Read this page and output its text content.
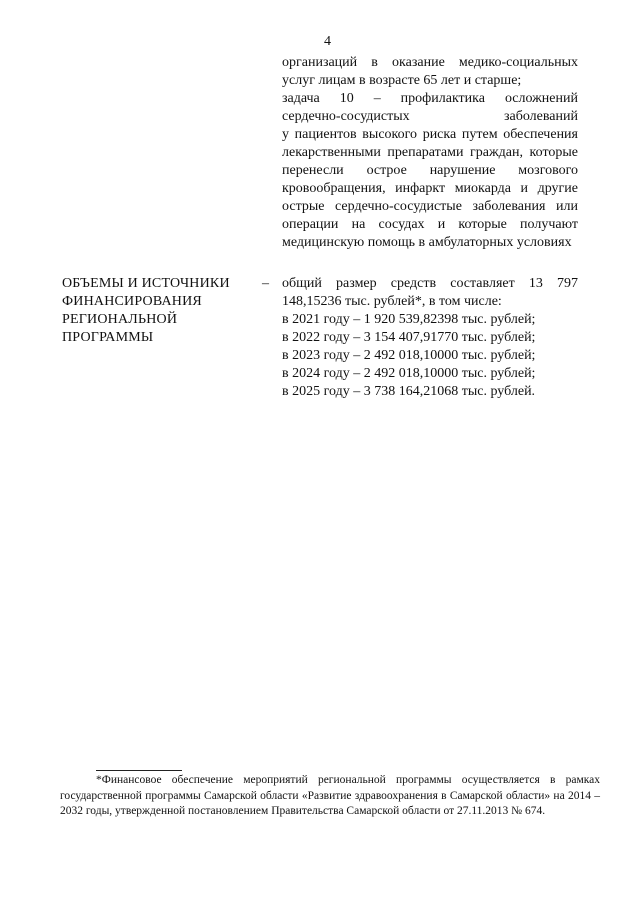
4
организаций в оказание медико-социальных услуг лицам в возрасте 65 лет и старше;
задача 10 – профилактика осложнений
сердечно-сосудистых заболеваний
у пациентов высокого риска путем обеспечения лекарственными препаратами граждан, которые перенесли острое нарушение мозгового кровообращения, инфаркт миокарда и другие острые сердечно-сосудистые заболевания или операции на сосудах и которые получают медицинскую помощь в амбулаторных условиях
ОБЪЕМЫ И ИСТОЧНИКИ ФИНАНСИРОВАНИЯ РЕГИОНАЛЬНОЙ ПРОГРАММЫ
– общий размер средств составляет 13 797 148,15236 тыс. рублей*, в том числе:
в 2021 году – 1 920 539,82398 тыс. рублей;
в 2022 году – 3 154 407,91770 тыс. рублей;
в 2023 году – 2 492 018,10000 тыс. рублей;
в 2024 году – 2 492 018,10000 тыс. рублей;
в 2025 году – 3 738 164,21068 тыс. рублей.
*Финансовое обеспечение мероприятий региональной программы осуществляется в рамках государственной программы Самарской области «Развитие здравоохранения в Самарской области» на 2014 – 2032 годы, утвержденной постановлением Правительства Самарской области от 27.11.2013 № 674.
